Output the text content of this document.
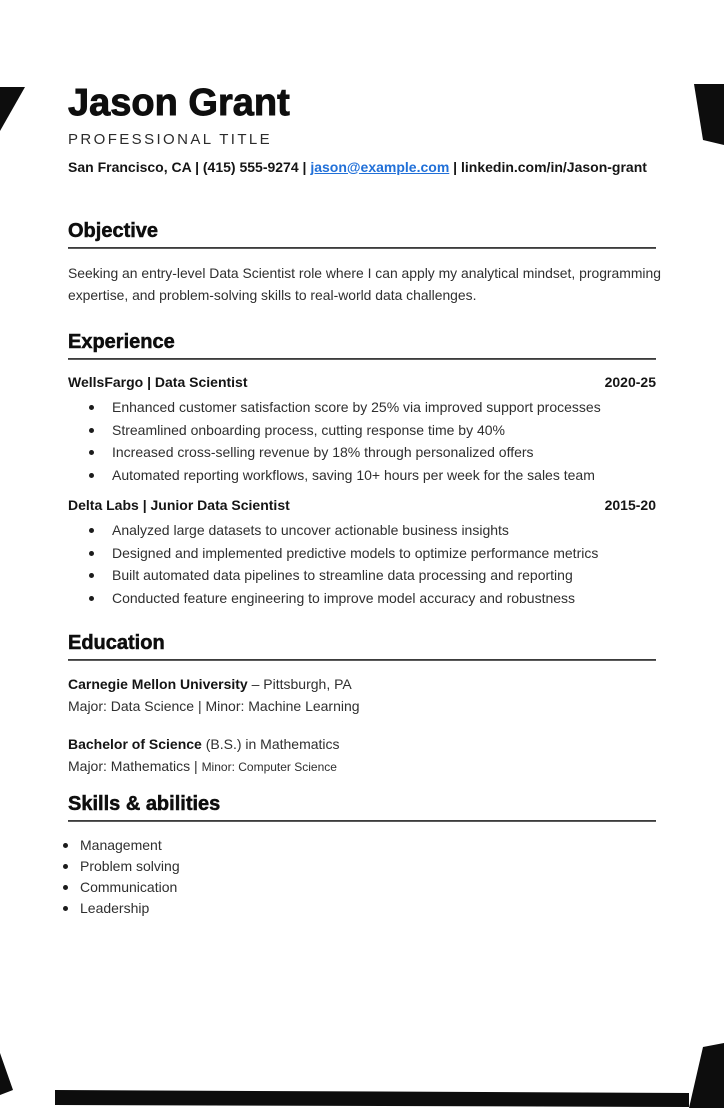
Jason Grant
PROFESSIONAL TITLE
San Francisco, CA | (415) 555-9274 | jason@example.com | linkedin.com/in/Jason-grant
Objective

Seeking an entry-level Data Scientist role where I can apply my analytical mindset, programming expertise, and problem-solving skills to real-world data challenges.

Experience
WellsFargo | Data Scientist	2020-25
Enhanced customer satisfaction score by 25% via improved support processes
Streamlined onboarding process, cutting response time by 40%
Increased cross-selling revenue by 18% through personalized offers
Automated reporting workflows, saving 10+ hours per week for the sales team
Delta Labs | Junior Data Scientist	2015-20
Analyzed large datasets to uncover actionable business insights
Designed and implemented predictive models to optimize performance metrics
Built automated data pipelines to streamline data processing and reporting
Conducted feature engineering to improve model accuracy and robustness
Education
Carnegie Mellon University – Pittsburgh, PA
Major: Data Science | Minor: Machine Learning
Bachelor of Science (B.S.) in Mathematics
Major: Mathematics | Minor: Computer Science
Skills & abilities
Management
Problem solving
Communication
Leadership
